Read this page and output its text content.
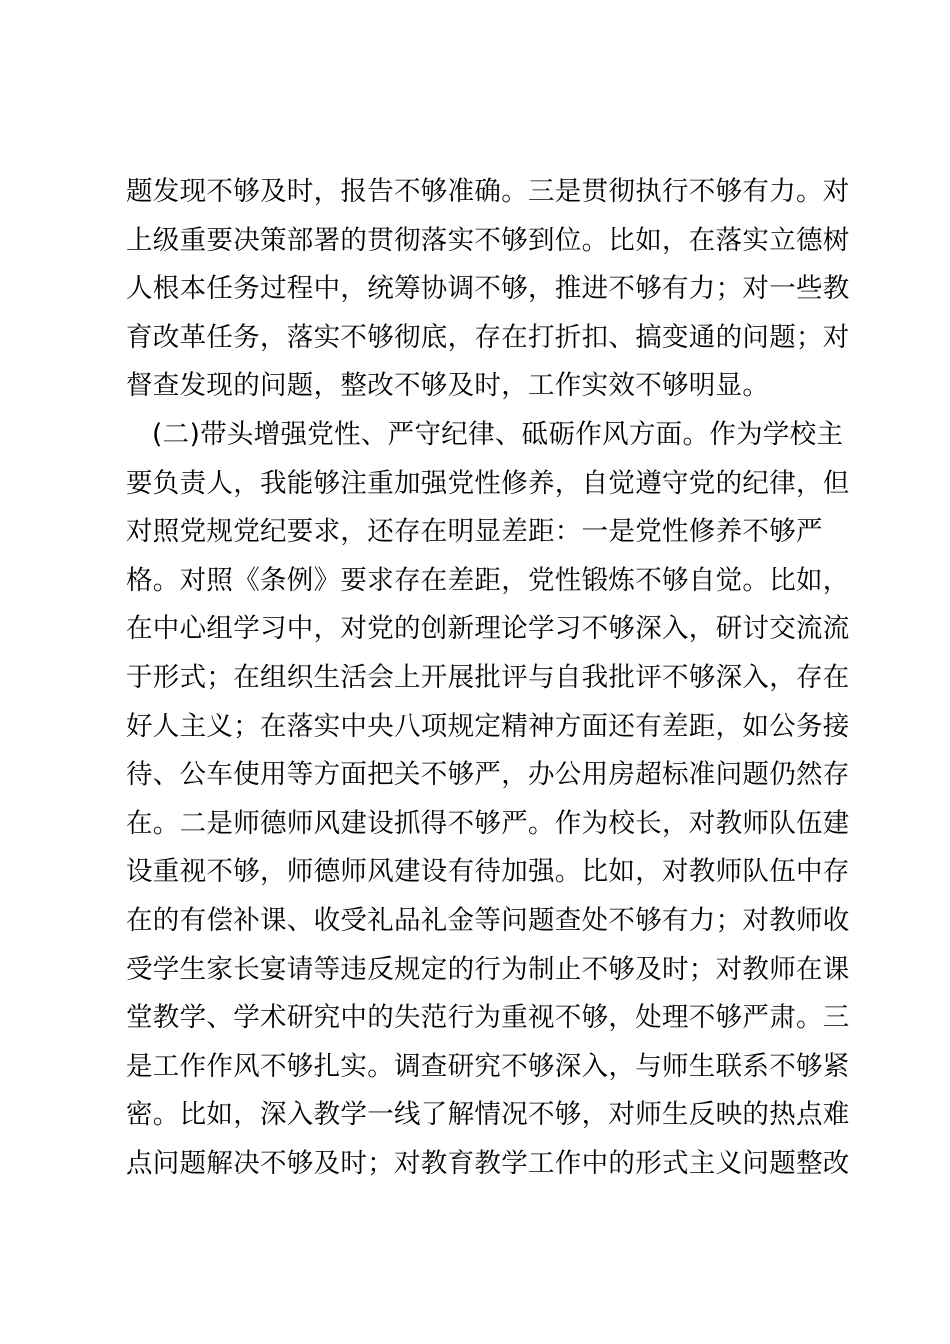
题发现不够及时，报告不够准确。三是贯彻执行不够有力。对
上级重要决策部署的贯彻落实不够到位。比如，在落实立德树
人根本任务过程中，统筹协调不够，推进不够有力；对一些教
育改革任务，落实不够彻底，存在打折扣、搞变通的问题；对
督查发现的问题，整改不够及时，工作实效不够明显。
(二)带头增强党性、严守纪律、砥砺作风方面。作为学校主
要负责人，我能够注重加强党性修养，自觉遵守党的纪律，但
对照党规党纪要求，还存在明显差距：一是党性修养不够严
格。对照《条例》要求存在差距，党性锻炼不够自觉。比如，
在中心组学习中，对党的创新理论学习不够深入，研讨交流流
于形式；在组织生活会上开展批评与自我批评不够深入，存在
好人主义；在落实中央八项规定精神方面还有差距，如公务接
待、公车使用等方面把关不够严，办公用房超标准问题仍然存
在。二是师德师风建设抓得不够严。作为校长，对教师队伍建
设重视不够，师德师风建设有待加强。比如，对教师队伍中存
在的有偿补课、收受礼品礼金等问题查处不够有力；对教师收
受学生家长宴请等违反规定的行为制止不够及时；对教师在课
堂教学、学术研究中的失范行为重视不够，处理不够严肃。三
是工作作风不够扎实。调查研究不够深入，与师生联系不够紧
密。比如，深入教学一线了解情况不够，对师生反映的热点难
点问题解决不够及时；对教育教学工作中的形式主义问题整改
